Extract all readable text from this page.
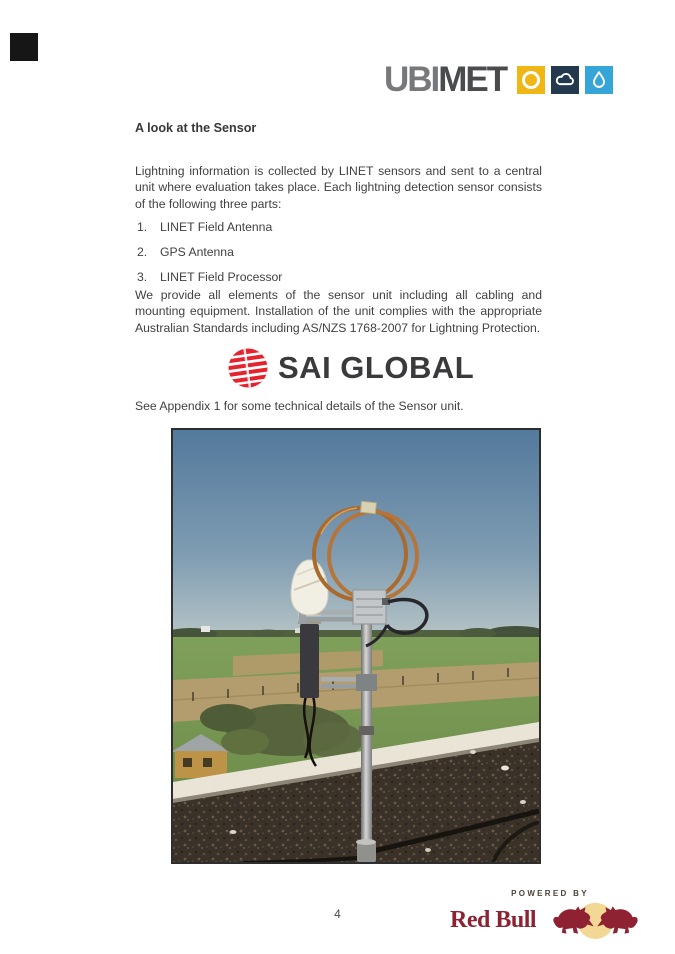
UBIMET
A look at the Sensor
Lightning information is collected by LINET sensors and sent to a central unit where evaluation takes place. Each lightning detection sensor consists of the following three parts:
1.	LINET Field Antenna
2.	GPS Antenna
3.	LINET Field Processor
We provide all elements of the sensor unit including all cabling and mounting equipment. Installation of the unit complies with the appropriate Australian Standards including AS/NZS 1768-2007 for Lightning Protection.
SAI GLOBAL
See Appendix 1 for some technical details of the Sensor unit.
4
POWERED BY
Red Bull
